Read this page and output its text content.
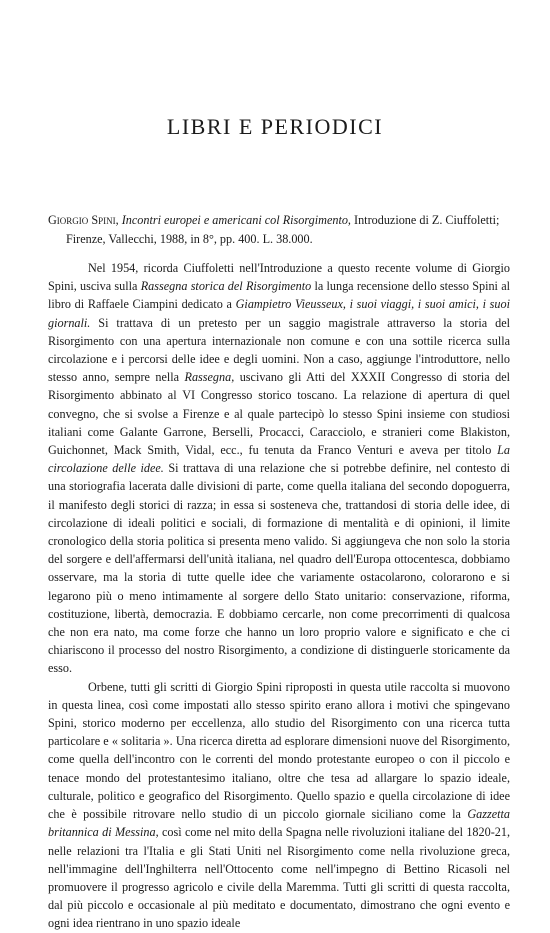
LIBRI E PERIODICI
Giorgio Spini, Incontri europei e americani col Risorgimento, Introduzione di Z. Ciuffoletti;
Firenze, Vallecchi, 1988, in 8°, pp. 400. L. 38.000.

Nel 1954, ricorda Ciuffoletti nell'Introduzione a questo recente volume di Giorgio Spini, usciva sulla Rassegna storica del Risorgimento la lunga recensione dello stesso Spini al libro di Raffaele Ciampini dedicato a Giampietro Vieusseux, i suoi viaggi, i suoi amici, i suoi giornali. Si trattava di un pretesto per un saggio magistrale attraverso la storia del Risorgimento con una apertura internazionale non comune e con una sottile ricerca sulla circolazione e i percorsi delle idee e degli uomini. Non a caso, aggiunge l'introduttore, nello stesso anno, sempre nella Rassegna, uscivano gli Atti del XXXII Congresso di storia del Risorgimento abbinato al VI Congresso storico toscano. La relazione di apertura di quel convegno, che si svolse a Firenze e al quale partecipò lo stesso Spini insieme con studiosi italiani come Galante Garrone, Berselli, Procacci, Caracciolo, e stranieri come Blakiston, Guichonnet, Mack Smith, Vidal, ecc., fu tenuta da Franco Venturi e aveva per titolo La circolazione delle idee. Si trattava di una relazione che si potrebbe definire, nel contesto di una storiografia lacerata dalle divisioni di parte, come quella italiana del secondo dopoguerra, il manifesto degli storici di razza; in essa si sosteneva che, trattandosi di storia delle idee, di circolazione di ideali politici e sociali, di formazione di mentalità e di opinioni, il limite cronologico della storia politica si presenta meno valido. Si aggiungeva che non solo la storia del sorgere e dell'affermarsi dell'unità italiana, nel quadro dell'Europa ottocentesca, dobbiamo osservare, ma la storia di tutte quelle idee che variamente ostacolarono, colorarono e si legarono più o meno intimamente al sorgere dello Stato unitario: conservazione, riforma, costituzione, libertà, democrazia. E dobbiamo cercarle, non come precorrimenti di qualcosa che non era nato, ma come forze che hanno un loro proprio valore e significato e che ci chiariscono il processo del nostro Risorgimento, a condizione di distinguerle storicamente da esso.

Orbene, tutti gli scritti di Giorgio Spini riproposti in questa utile raccolta si muovono in questa linea, così come impostati allo stesso spirito erano allora i motivi che spingevano Spini, storico moderno per eccellenza, allo studio del Risorgimento con una ricerca tutta particolare e « solitaria ». Una ricerca diretta ad esplorare dimensioni nuove del Risorgimento, come quella dell'incontro con le correnti del mondo protestante europeo o con il piccolo e tenace mondo del protestantesimo italiano, oltre che tesa ad allargare lo spazio ideale, culturale, politico e geografico del Risorgimento. Quello spazio e quella circolazione di idee che è possibile ritrovare nello studio di un piccolo giornale siciliano come la Gazzetta britannica di Messina, così come nel mito della Spagna nelle rivoluzioni italiane del 1820-21, nelle relazioni tra l'Italia e gli Stati Uniti nel Risorgimento come nella rivoluzione greca, nell'immagine dell'Inghilterra nell'Ottocento come nell'impegno di Bettino Ricasoli nel promuovere il progresso agricolo e civile della Maremma. Tutti gli scritti di questa raccolta, dal più piccolo e occasionale al più meditato e documentato, dimostrano che ogni evento e ogni idea rientrano in uno spazio ideale
